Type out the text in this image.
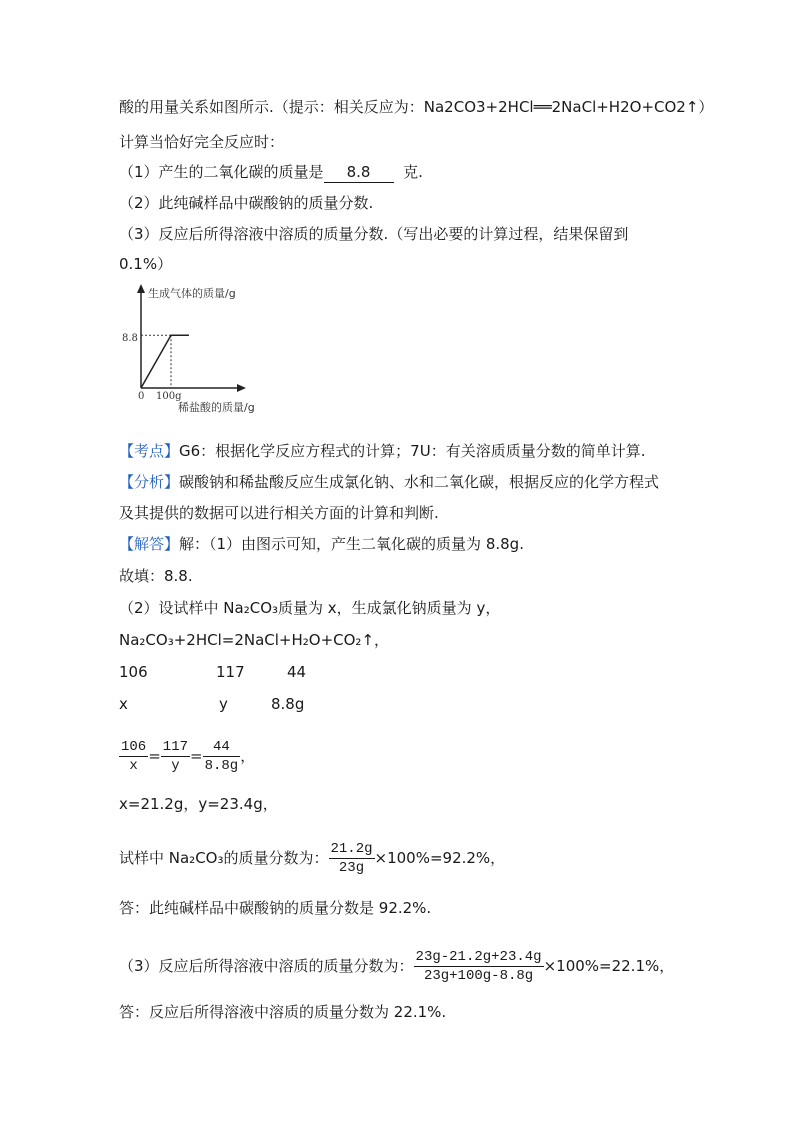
酸的用量关系如图所示.（提示：相关反应为：Na2CO3+2HCl══2NaCl+H2O+CO2↑）
计算当恰好完全反应时：
（1）产生的二氧化碳的质量是 8.8 克.
（2）此纯碱样品中碳酸钠的质量分数.
（3）反应后所得溶液中溶质的质量分数.（写出必要的计算过程，结果保留到
0.1%）
生成气体的质量/g
稀盐酸的质量/g
8.8
100g
0
【考点】G6：根据化学反应方程式的计算；7U：有关溶质质量分数的简单计算.
【分析】碳酸钠和稀盐酸反应生成氯化钠、水和二氧化碳，根据反应的化学方程式
及其提供的数据可以进行相关方面的计算和判断.
【解答】解：（1）由图示可知，产生二氧化碳的质量为 8.8g.
故填：8.8.
（2）设试样中 Na₂CO₃质量为 x，生成氯化钠质量为 y，
Na₂CO₃+2HCl=2NaCl+H₂O+CO₂↑，
106	117	44
x	y	8.8g
$\frac{106}{x} = \frac{117}{y} = \frac{44}{8.8g}$ ，
x=21.2g，y=23.4g，
试样中 Na₂CO₃的质量分数为： $\frac{21.2g}{23g} \times 100\%=92.2\%$，
答：此纯碱样品中碳酸钠的质量分数是 92.2%.
（3）反应后所得溶液中溶质的质量分数为： $\frac{23g-21.2g+23.4g}{23g+100g-8.8g} \times 100\%=22.1\%$，
答：反应后所得溶液中溶质的质量分数为 22.1%.
